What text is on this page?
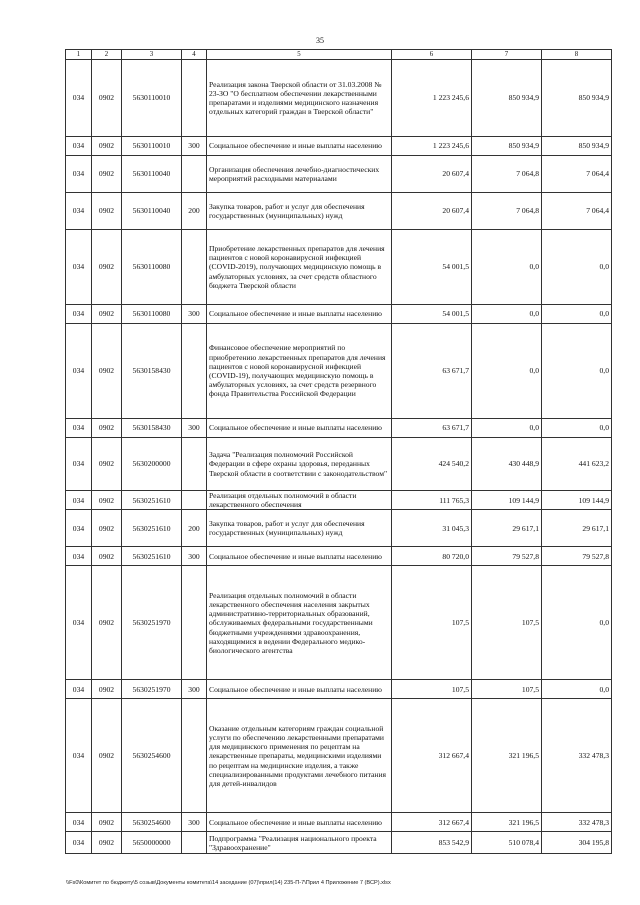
35
1	2	3	4	5	6	7	8
034	0902	5630110010		Реализация закона Тверской области от 31.03.2008 № 23-ЗО "О бесплатном обеспечении лекарственными препаратами и изделиями медицинского назначения отдельных категорий граждан в Тверской области"	1 223 245,6	850 934,9	850 934,9
034	0902	5630110010	300	Социальное обеспечение и иные выплаты населению	1 223 245,6	850 934,9	850 934,9
034	0902	5630110040		Организация обеспечения лечебно-диагностических мероприятий расходными материалами	20 607,4	7 064,8	7 064,4
034	0902	5630110040	200	Закупка товаров, работ и услуг для обеспечения государственных (муниципальных) нужд	20 607,4	7 064,8	7 064,4
034	0902	5630110080		Приобретение лекарственных препаратов для лечения пациентов с новой коронавирусной инфекцией (COVID-2019), получающих медицинскую помощь в амбулаторных условиях, за счет средств областного бюджета Тверской области	54 001,5	0,0	0,0
034	0902	5630110080	300	Социальное обеспечение и иные выплаты населению	54 001,5	0,0	0,0
034	0902	5630158430		Финансовое обеспечение мероприятий по приобретению лекарственных препаратов для лечения пациентов с новой коронавирусной инфекцией (COVID-19), получающих медицинскую помощь в амбулаторных условиях, за счет средств резервного фонда Правительства Российской Федерации	63 671,7	0,0	0,0
034	0902	5630158430	300	Социальное обеспечение и иные выплаты населению	63 671,7	0,0	0,0
034	0902	5630200000		Задача "Реализация полномочий Российской Федерации в сфере охраны здоровья, переданных Тверской области в соответствии с законодательством"	424 540,2	430 448,9	441 623,2
034	0902	5630251610		Реализация отдельных полномочий в области лекарственного обеспечения	111 765,3	109 144,9	109 144,9
034	0902	5630251610	200	Закупка товаров, работ и услуг для обеспечения государственных (муниципальных) нужд	31 045,3	29 617,1	29 617,1
034	0902	5630251610	300	Социальное обеспечение и иные выплаты населению	80 720,0	79 527,8	79 527,8
034	0902	5630251970		Реализация отдельных полномочий в области лекарственного обеспечения населения закрытых административно-территориальных образований, обслуживаемых федеральными государственными бюджетными учреждениями здравоохранения, находящимися в ведении Федерального медико-биологического агентства	107,5	107,5	0,0
034	0902	5630251970	300	Социальное обеспечение и иные выплаты населению	107,5	107,5	0,0
034	0902	5630254600		Оказание отдельным категориям граждан социальной услуги по обеспечению лекарственными препаратами для медицинского применения по рецептам на лекарственные препараты, медицинскими изделиями по рецептам на медицинские изделия, а также специализированными продуктами лечебного питания для детей-инвалидов	312 667,4	321 196,5	332 478,3
034	0902	5630254600	300	Социальное обеспечение и иные выплаты населению	312 667,4	321 196,5	332 478,3
034	0902	5650000000		Подпрограмма "Реализация национального проекта "Здравоохранение"	853 542,9	510 078,4	304 195,8
\\Fs0\Комитет по бюджету\5 созыв\Документы комитета\14 заседание (07)\прил(14) 235-П-7\Прил 4 Приложение 7 (ВСР).xlsx
